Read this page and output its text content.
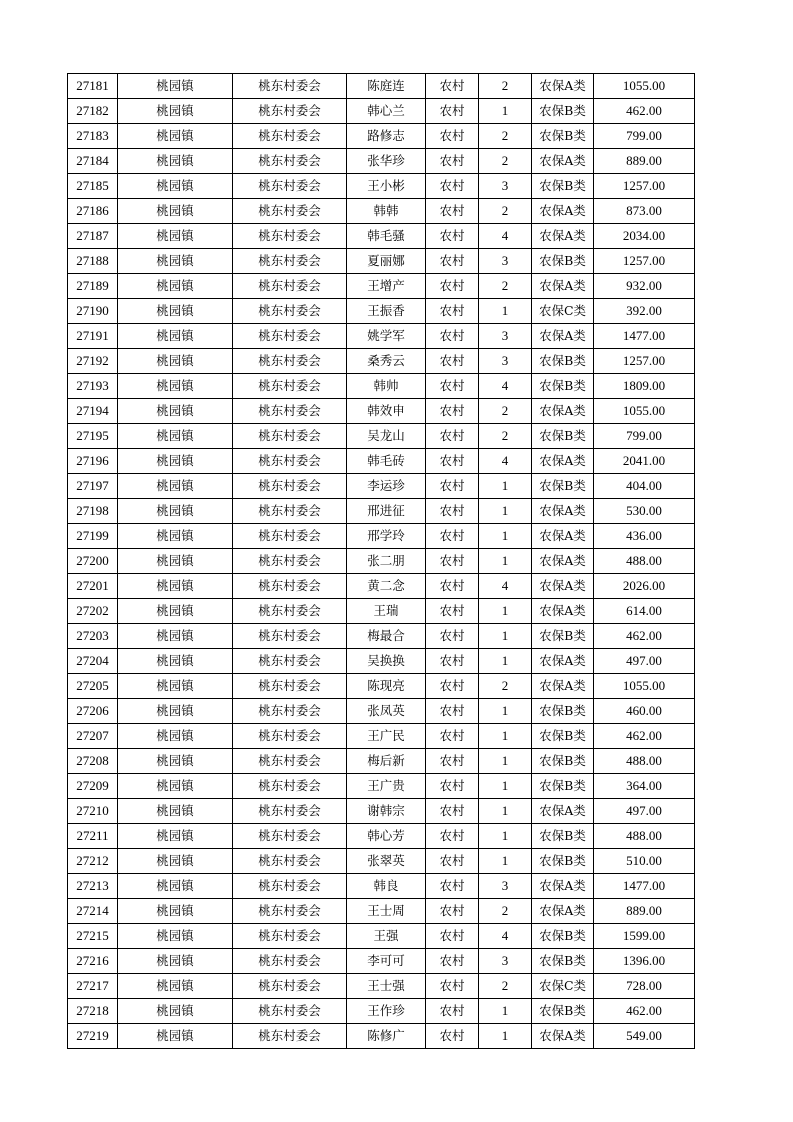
27181	桃园镇	桃东村委会	陈庭连	农村	2	农保A类	1055.00
27182	桃园镇	桃东村委会	韩心兰	农村	1	农保B类	462.00
27183	桃园镇	桃东村委会	路修志	农村	2	农保B类	799.00
27184	桃园镇	桃东村委会	张华珍	农村	2	农保A类	889.00
27185	桃园镇	桃东村委会	王小彬	农村	3	农保B类	1257.00
27186	桃园镇	桃东村委会	韩韩	农村	2	农保A类	873.00
27187	桃园镇	桃东村委会	韩毛骚	农村	4	农保A类	2034.00
27188	桃园镇	桃东村委会	夏丽娜	农村	3	农保B类	1257.00
27189	桃园镇	桃东村委会	王增产	农村	2	农保A类	932.00
27190	桃园镇	桃东村委会	王振香	农村	1	农保C类	392.00
27191	桃园镇	桃东村委会	姚学军	农村	3	农保A类	1477.00
27192	桃园镇	桃东村委会	桑秀云	农村	3	农保B类	1257.00
27193	桃园镇	桃东村委会	韩帅	农村	4	农保B类	1809.00
27194	桃园镇	桃东村委会	韩效申	农村	2	农保A类	1055.00
27195	桃园镇	桃东村委会	吴龙山	农村	2	农保B类	799.00
27196	桃园镇	桃东村委会	韩毛砖	农村	4	农保A类	2041.00
27197	桃园镇	桃东村委会	李运珍	农村	1	农保B类	404.00
27198	桃园镇	桃东村委会	邢进征	农村	1	农保A类	530.00
27199	桃园镇	桃东村委会	邢学玲	农村	1	农保A类	436.00
27200	桃园镇	桃东村委会	张二朋	农村	1	农保A类	488.00
27201	桃园镇	桃东村委会	黄二念	农村	4	农保A类	2026.00
27202	桃园镇	桃东村委会	王瑞	农村	1	农保A类	614.00
27203	桃园镇	桃东村委会	梅最合	农村	1	农保B类	462.00
27204	桃园镇	桃东村委会	吴换换	农村	1	农保A类	497.00
27205	桃园镇	桃东村委会	陈现亮	农村	2	农保A类	1055.00
27206	桃园镇	桃东村委会	张凤英	农村	1	农保B类	460.00
27207	桃园镇	桃东村委会	王广民	农村	1	农保B类	462.00
27208	桃园镇	桃东村委会	梅后新	农村	1	农保B类	488.00
27209	桃园镇	桃东村委会	王广贵	农村	1	农保B类	364.00
27210	桃园镇	桃东村委会	谢韩宗	农村	1	农保A类	497.00
27211	桃园镇	桃东村委会	韩心芳	农村	1	农保B类	488.00
27212	桃园镇	桃东村委会	张翠英	农村	1	农保B类	510.00
27213	桃园镇	桃东村委会	韩良	农村	3	农保A类	1477.00
27214	桃园镇	桃东村委会	王士周	农村	2	农保A类	889.00
27215	桃园镇	桃东村委会	王强	农村	4	农保B类	1599.00
27216	桃园镇	桃东村委会	李可可	农村	3	农保B类	1396.00
27217	桃园镇	桃东村委会	王士强	农村	2	农保C类	728.00
27218	桃园镇	桃东村委会	王作珍	农村	1	农保B类	462.00
27219	桃园镇	桃东村委会	陈修广	农村	1	农保A类	549.00
